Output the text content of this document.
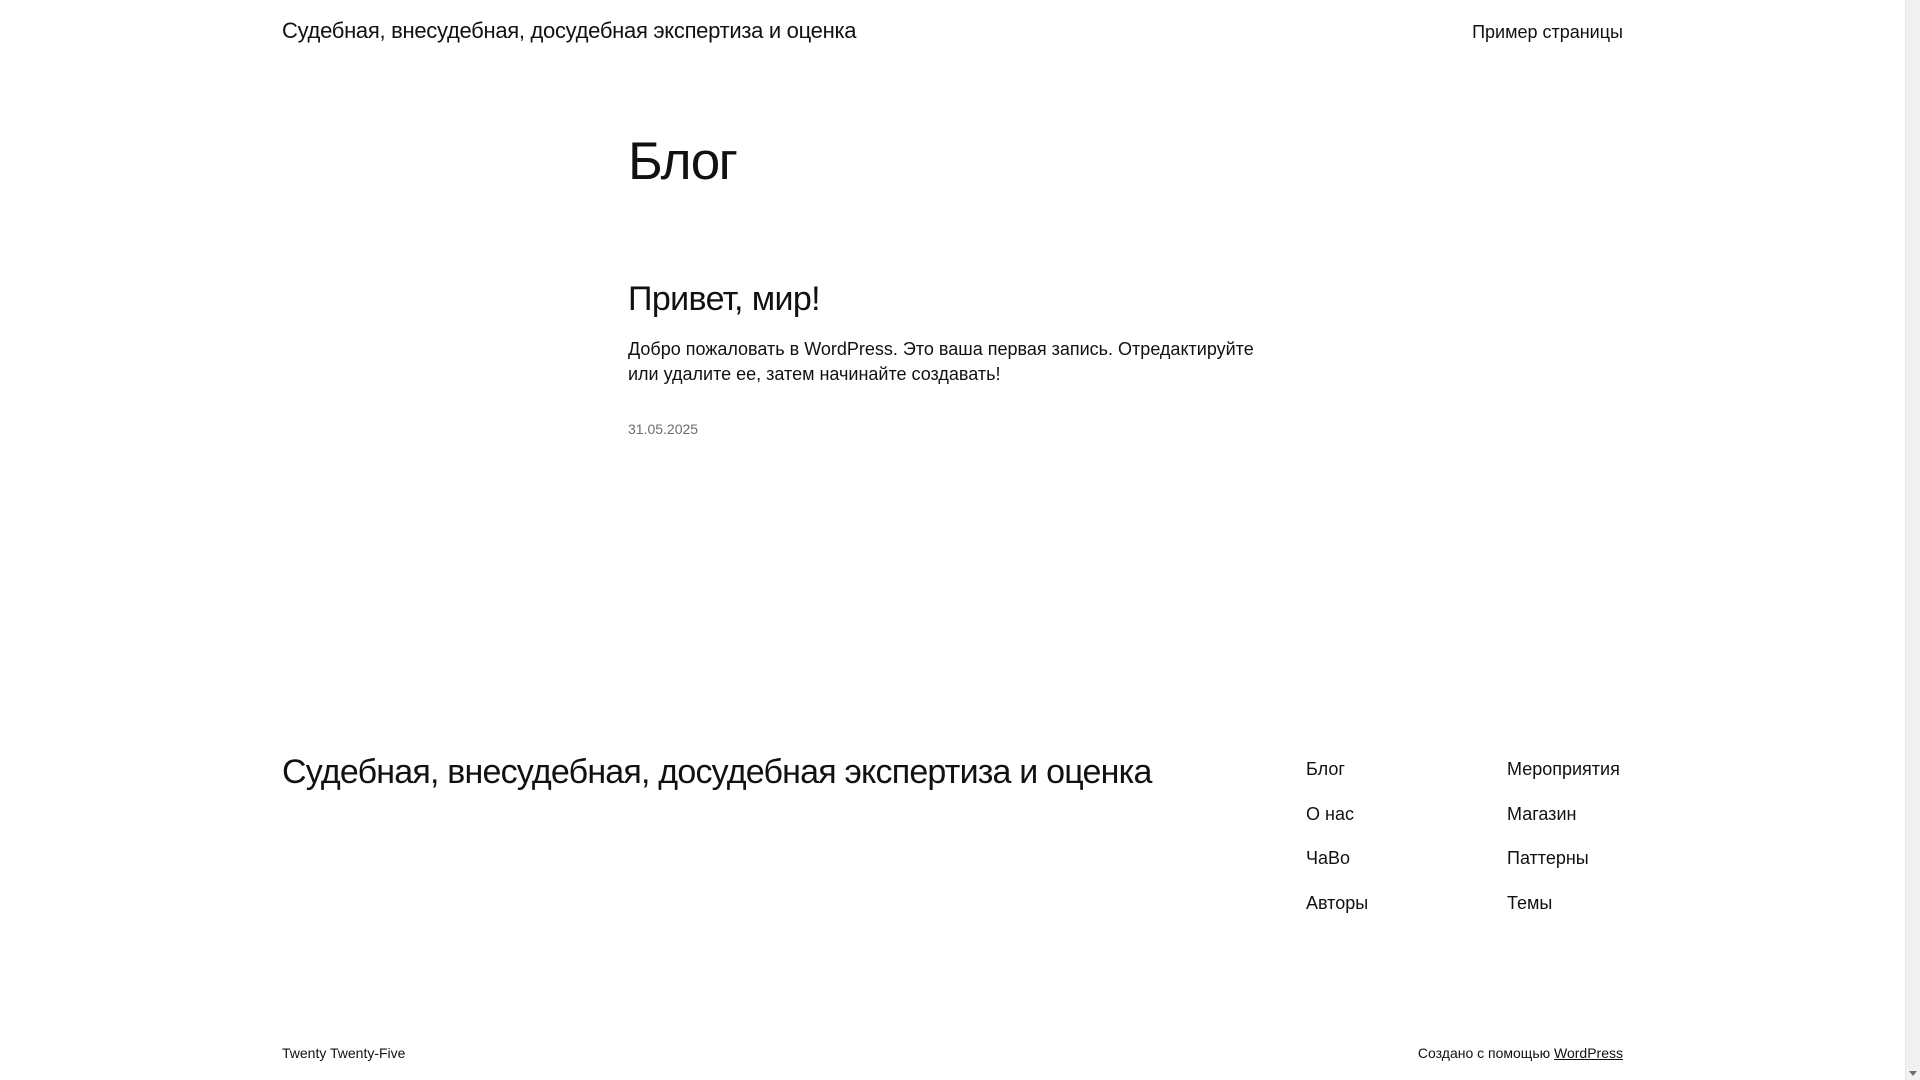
Судебная, внесудебная, досудебная экспертиза и оценка	Пример страницы
Блог
Привет, мир!

Добро пожаловать в WordPress. Это ваша первая запись. Отредактируйте или удалите ее, затем начинайте создавать!

31.05.2025
Судебная, внесудебная, досудебная экспертиза и оценка	Блог
О нас
ЧаВо
Авторы
Мероприятия
Магазин
Паттерны
Темы
Twenty Twenty-Five	Создано с помощью WordPress
